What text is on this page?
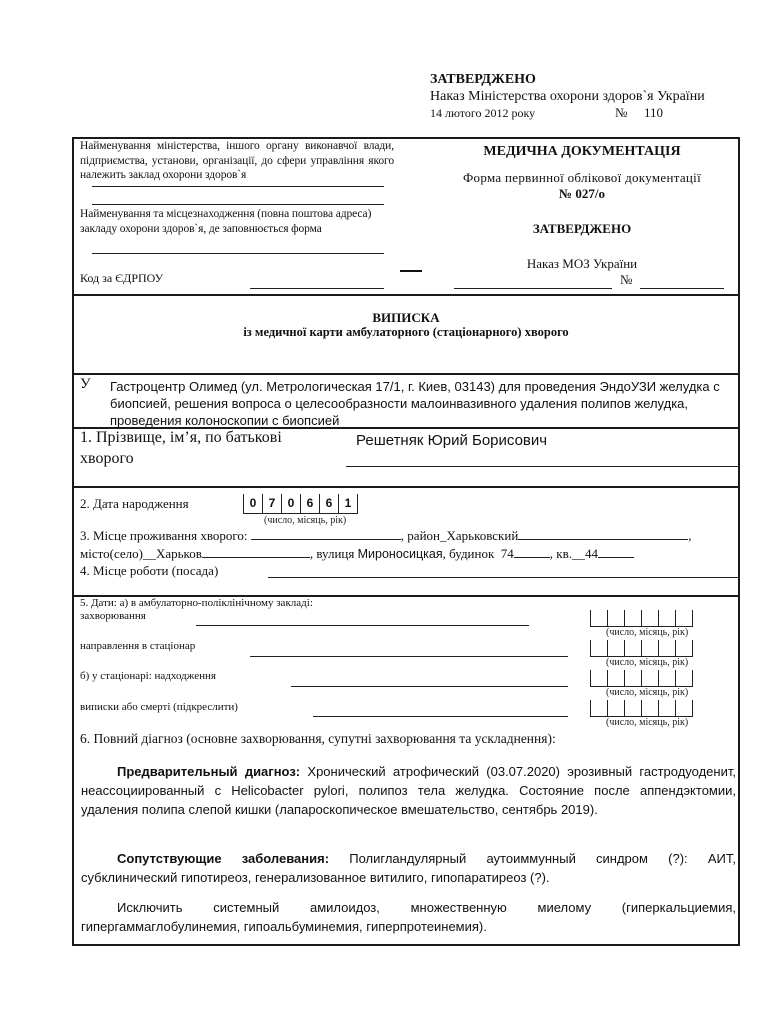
ЗАТВЕРДЖЕНО
Наказ Міністерства охорони здоров`я України
14 лютого 2012 року	№ 110
Найменування міністерства, іншого органу виконавчої влади, підприємства, установи, організації, до сфери управління якого належить заклад охорони здоров`я
Найменування та місцезнаходження (повна поштова адреса) закладу охорони здоров`я, де заповнюється форма
Код за ЄДРПОУ
МЕДИЧНА ДОКУМЕНТАЦІЯ
Форма первинної облікової документації
№ 027/о
ЗАТВЕРДЖЕНО
Наказ МОЗ України
№
ВИПИСКА
із медичної карти амбулаторного (стаціонарного) хворого
У Гастроцентр Олимед (ул. Метрологическая 17/1, г. Киев, 03143) для проведения ЭндоУЗИ желудка с биопсией, решения вопроса о целесообразности малоинвазивного удаления полипов желудка, проведения колоноскопии с биопсией
1. Прізвище, ім’я, по батькові
хворого
Решетняк Юрий Борисович
2. Дата народження	0	7	0	6	6	1
(число, місяць, рік)
3. Місце проживання хворого:	, район_Харьковский	,
місто(село)__Харьков	, вулиця Мироносицкая, будинок 74	, кв.__44
4. Місце роботи (посада)
5. Дати: а) в амбулаторно-поліклінічному закладі:
захворювання
(число, місяць, рік)
направлення в стаціонар
(число, місяць, рік)
б) у стаціонарі: надходження
(число, місяць, рік)
виписки або смерті (підкреслити)
(число, місяць, рік)
6. Повний діагноз (основне захворювання, супутні захворювання та ускладнення):
Предварительный диагноз: Хронический атрофический (03.07.2020) эрозивный гастродуоденит, неассоциированный с Helicobacter pylori, полипоз тела желудка. Состояние после аппендэктомии, удаления полипа слепой кишки (лапароскопическое вмешательство, сентябрь 2019).
Сопутствующие заболевания: Полигландулярный аутоиммунный синдром (?): АИТ, субклинический гипотиреоз, генерализованное витилиго, гипопаратиреоз (?).
Исключить системный амилоидоз, множественную миелому (гиперкальциемия, гипергаммаглобулинемия, гипоальбуминемия, гиперпротеинемия).
